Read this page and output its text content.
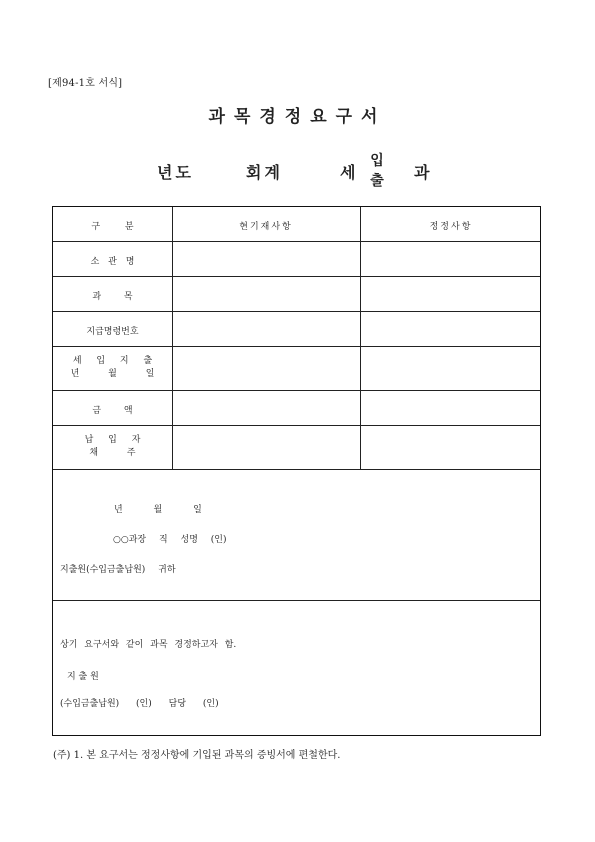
[제94-1호 서식]
과목경정요구서
년도	회계	세
입
출 과
구 분	현기재사항	정정사항
소 관 명
과 목
지급명령번호
세 입 지 출
년 월 일
금 액
납 입 자
채 주
년 월 일
○○과장 직 성명 (인)
지출원(수입금출납원) 귀하
상기 요구서와 같이 과목 경정하고자 함.
지 출 원
(수입금출납원) (인) 담당 (인)
(주) 1. 본 요구서는 정정사항에 기입된 과목의 증빙서에 편철한다.
